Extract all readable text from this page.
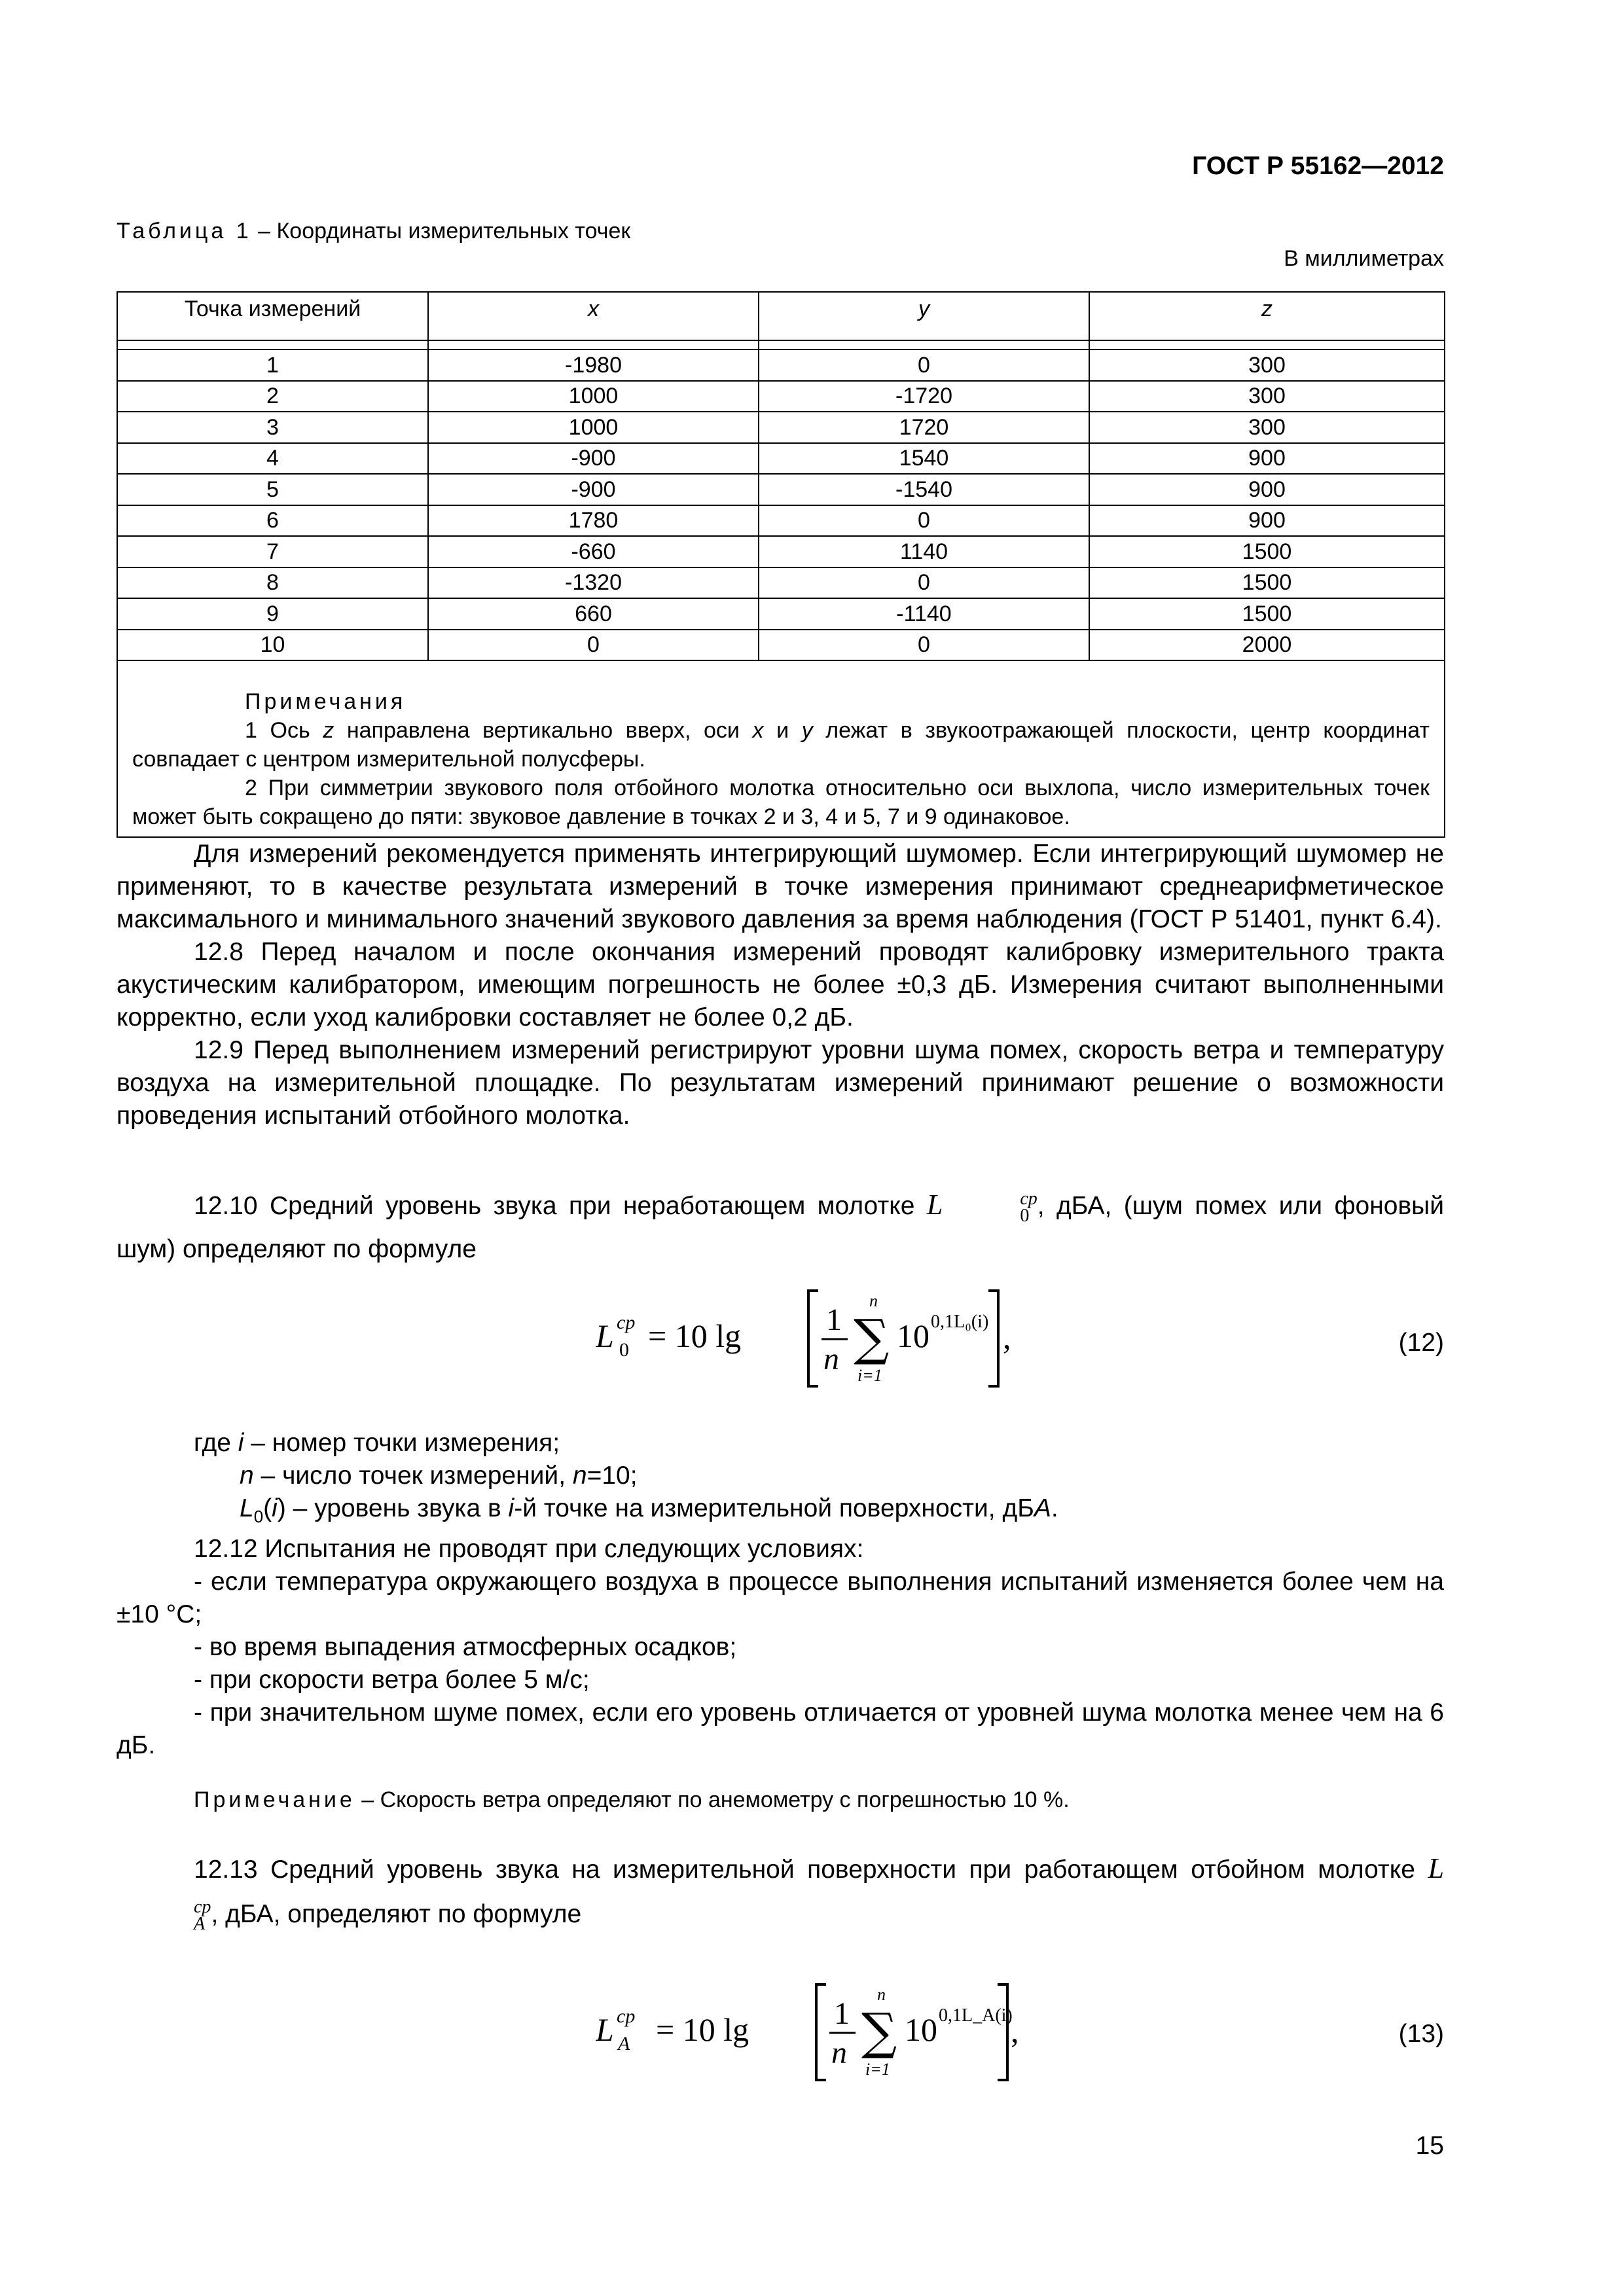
ГОСТ Р 55162—2012
Таблица 1 – Координаты измерительных точек
В миллиметрах
Точка измерений	x	y	z

1	-1980	0	300
2	1000	-1720	300
3	1000	1720	300
4	-900	1540	900
5	-900	-1540	900
6	1780	0	900
7	-660	1140	1500
8	-1320	0	1500
9	660	-1140	1500
10	0	0	2000

Примечания
1 Ось z направлена вертикально вверх, оси x и y лежат в звукоотражающей плоскости, центр координат совпадает с центром измерительной полусферы.
2 При симметрии звукового поля отбойного молотка относительно оси выхлопа, число измерительных точек может быть сокращено до пяти: звуковое давление в точках 2 и 3, 4 и 5, 7 и 9 одинаковое.			

Для измерений рекомендуется применять интегрирующий шумомер. Если интегрирующий шумомер не применяют, то в качестве результата измерений в точке измерения принимают среднеарифметическое максимального и минимального значений звукового давления за время наблюдения (ГОСТ Р 51401, пункт 6.4).

12.8 Перед началом и после окончания измерений проводят калибровку измерительного тракта акустическим калибратором, имеющим погрешность не более ±0,3 дБ. Измерения считают выполненными корректно, если уход калибровки составляет не более 0,2 дБ.

12.9 Перед выполнением измерений регистрируют уровни шума помех, скорость ветра и температуру воздуха на измерительной площадке. По результатам измерений принимают решение о возможности проведения испытаний отбойного молотка.

12.10 Средний уровень звука при неработающем молотке L	cp
0 , дБА, (шум помех или фоновый шум) определяют по формуле

L cp
0 = 10 lg	1
n
n
∑
i=1
10 0,1L₀(i) ,	(12)
где i – номер точки измерения;
n – число точек измерений, n=10;
$L_0(i)$ – уровень звука в i-й точке на измерительной поверхности, дБА.

12.12 Испытания не проводят при следующих условиях:

- если температура окружающего воздуха в процессе выполнения испытаний изменяется более чем на ±10 °С;

- во время выпадения атмосферных осадков;

- при скорости ветра более 5 м/с;

- при значительном шуме помех, если его уровень отличается от уровней шума молотка менее чем на 6 дБ.

Примечание – Скорость ветра определяют по анемометру с погрешностью 10 %.

12.13 Средний уровень звука на измерительной поверхности при работающем отбойном молотке L
cp
A , дБА, определяют по формуле

L cp
A = 10 lg	1
n
n
∑
i=1
10 0,1L_A(i)
,	(13)
15
